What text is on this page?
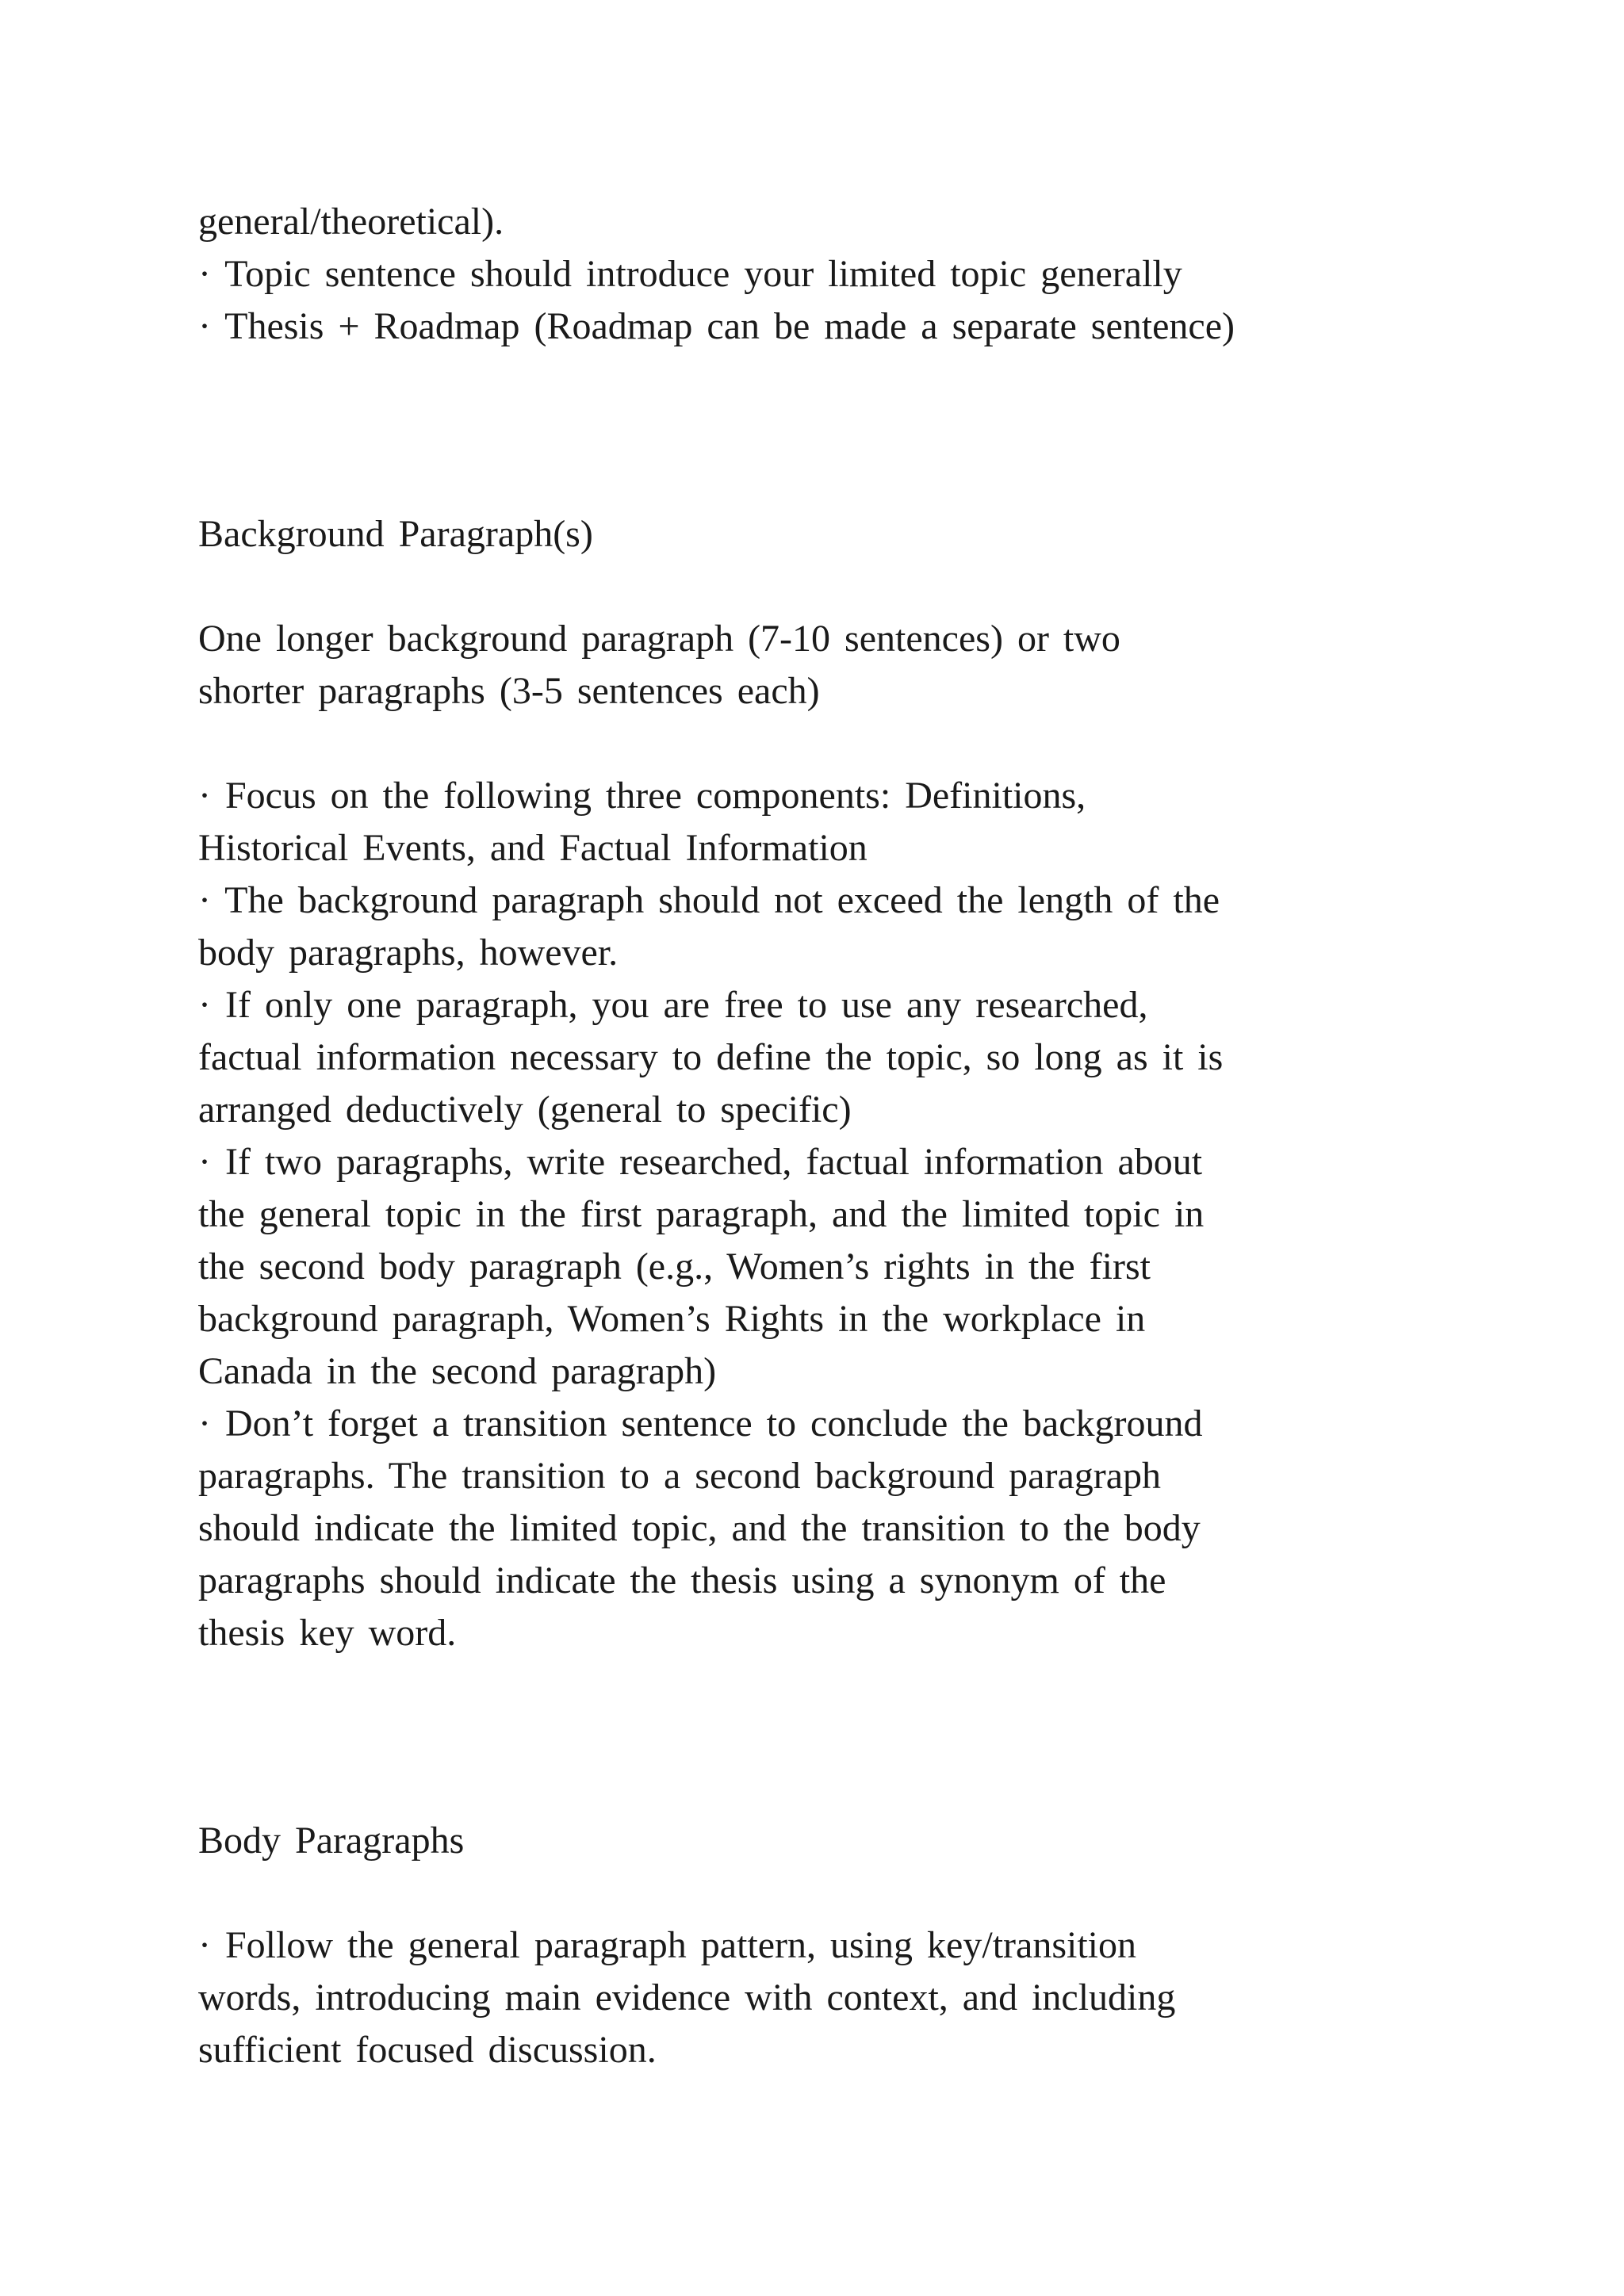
general/theoretical).

· Topic sentence should introduce your limited topic generally

· Thesis + Roadmap (Roadmap can be made a separate sentence)

Background Paragraph(s)

One longer background paragraph (7-10 sentences) or two

shorter paragraphs (3-5 sentences each)

· Focus on the following three components: Definitions,

Historical Events, and Factual Information

· The background paragraph should not exceed the length of the

body paragraphs, however.

· If only one paragraph, you are free to use any researched,

factual information necessary to define the topic, so long as it is

arranged deductively (general to specific)

· If two paragraphs, write researched, factual information about

the general topic in the first paragraph, and the limited topic in

the second body paragraph (e.g., Women’s rights in the first

background paragraph, Women’s Rights in the workplace in

Canada in the second paragraph)

· Don’t forget a transition sentence to conclude the background

paragraphs. The transition to a second background paragraph

should indicate the limited topic, and the transition to the body

paragraphs should indicate the thesis using a synonym of the

thesis key word.

Body Paragraphs

· Follow the general paragraph pattern, using key/transition

words, introducing main evidence with context, and including

sufficient focused discussion.
